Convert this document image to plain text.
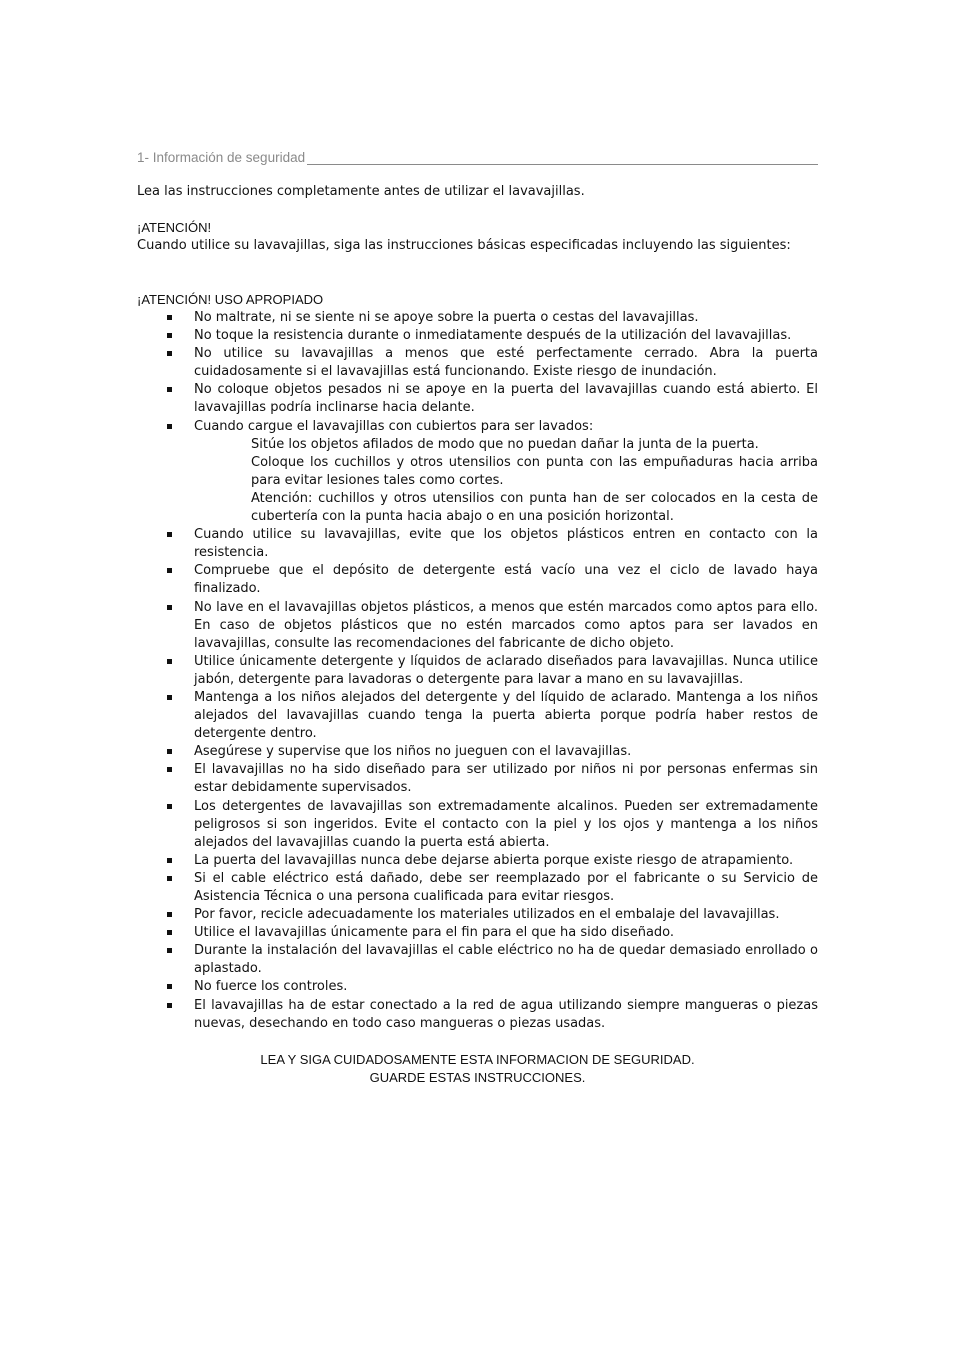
1- Información de seguridad

Lea las instrucciones completamente antes de utilizar el lavavajillas.

¡ATENCIÓN!

Cuando utilice su lavavajillas, siga las instrucciones básicas especificadas incluyendo las siguientes:

¡ATENCIÓN! USO APROPIADO

No maltrate, ni se siente ni se apoye sobre la puerta o cestas del lavavajillas.
No toque la resistencia durante o inmediatamente después de la utilización del lavavajillas.
No utilice su lavavajillas a menos que esté perfectamente cerrado. Abra la puerta cuidadosamente si el lavavajillas está funcionando. Existe riesgo de inundación.
No coloque objetos pesados ni se apoye en la puerta del lavavajillas cuando está abierto. El lavavajillas podría inclinarse hacia delante.
Cuando cargue el lavavajillas con cubiertos para ser lavados:
Sitúe los objetos afilados de modo que no puedan dañar la junta de la puerta.
Coloque los cuchillos y otros utensilios con punta con las empuñaduras hacia arriba para evitar lesiones tales como cortes.
Atención: cuchillos y otros utensilios con punta han de ser colocados en la cesta de cubertería con la punta hacia abajo o en una posición horizontal.
Cuando utilice su lavavajillas, evite que los objetos plásticos entren en contacto con la resistencia.
Compruebe que el depósito de detergente está vacío una vez el ciclo de lavado haya finalizado.
No lave en el lavavajillas objetos plásticos, a menos que estén marcados como aptos para ello. En caso de objetos plásticos que no estén marcados como aptos para ser lavados en lavavajillas, consulte las recomendaciones del fabricante de dicho objeto.
Utilice únicamente detergente y líquidos de aclarado diseñados para lavavajillas. Nunca utilice jabón, detergente para lavadoras o detergente para lavar a mano en su lavavajillas.
Mantenga a los niños alejados del detergente y del líquido de aclarado. Mantenga a los niños alejados del lavavajillas cuando tenga la puerta abierta porque podría haber restos de detergente dentro.
Asegúrese y supervise que los niños no jueguen con el lavavajillas.
El lavavajillas no ha sido diseñado para ser utilizado por niños ni por personas enfermas sin estar debidamente supervisados.
Los detergentes de lavavajillas son extremadamente alcalinos. Pueden ser extremadamente peligrosos si son ingeridos. Evite el contacto con la piel y los ojos y mantenga a los niños alejados del lavavajillas cuando la puerta está abierta.
La puerta del lavavajillas nunca debe dejarse abierta porque existe riesgo de atrapamiento.
Si el cable eléctrico está dañado, debe ser reemplazado por el fabricante o su Servicio de Asistencia Técnica o una persona cualificada para evitar riesgos.
Por favor, recicle adecuadamente los materiales utilizados en el embalaje del lavavajillas.
Utilice el lavavajillas únicamente para el fin para el que ha sido diseñado.
Durante la instalación del lavavajillas el cable eléctrico no ha de quedar demasiado enrollado o aplastado.
No fuerce los controles.
El lavavajillas ha de estar conectado a la red de agua utilizando siempre mangueras o piezas nuevas, desechando en todo caso mangueras o piezas usadas.
LEA Y SIGA CUIDADOSAMENTE ESTA INFORMACION DE SEGURIDAD.
GUARDE ESTAS INSTRUCCIONES.
